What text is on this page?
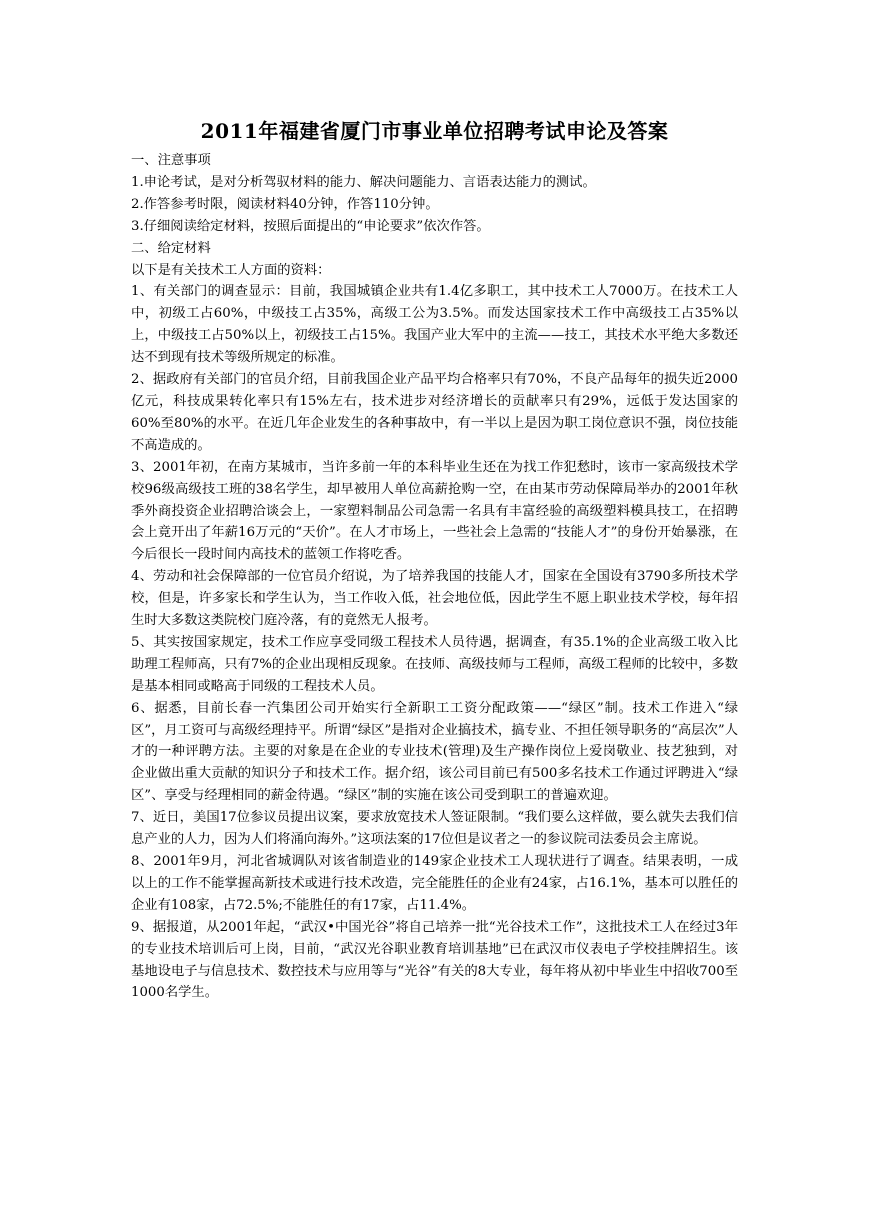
2011年福建省厦门市事业单位招聘考试申论及答案

一、注意事项

1.申论考试，是对分析驾驭材料的能力、解决问题能力、言语表达能力的测试。

2.作答参考时限，阅读材料40分钟，作答110分钟。

3.仔细阅读给定材料，按照后面提出的“申论要求”依次作答。

二、给定材料

以下是有关技术工人方面的资料：

1、有关部门的调查显示：目前，我国城镇企业共有1.4亿多职工，其中技术工人7000万。在技术工人中，初级工占60%，中级技工占35%，高级工公为3.5%。而发达国家技术工作中高级技工占35%以上，中级技工占50%以上，初级技工占15%。我国产业大军中的主流——技工，其技术水平绝大多数还达不到现有技术等级所规定的标准。

2、据政府有关部门的官员介绍，目前我国企业产品平均合格率只有70%，不良产品每年的损失近2000亿元，科技成果转化率只有15%左右，技术进步对经济增长的贡献率只有29%，远低于发达国家的60%至80%的水平。在近几年企业发生的各种事故中，有一半以上是因为职工岗位意识不强，岗位技能不高造成的。

3、2001年初，在南方某城市，当许多前一年的本科毕业生还在为找工作犯愁时，该市一家高级技术学校96级高级技工班的38名学生，却早被用人单位高薪抢购一空，在由某市劳动保障局举办的2001年秋季外商投资企业招聘洽谈会上，一家塑料制品公司急需一名具有丰富经验的高级塑料模具技工，在招聘会上竟开出了年薪16万元的“天价”。在人才市场上，一些社会上急需的“技能人才”的身份开始暴涨，在今后很长一段时间内高技术的蓝领工作将吃香。

4、劳动和社会保障部的一位官员介绍说，为了培养我国的技能人才，国家在全国设有3790多所技术学校，但是，许多家长和学生认为，当工作收入低，社会地位低，因此学生不愿上职业技术学校，每年招生时大多数这类院校门庭冷落，有的竟然无人报考。

5、其实按国家规定，技术工作应享受同级工程技术人员待遇，据调查，有35.1%的企业高级工收入比助理工程师高，只有7%的企业出现相反现象。在技师、高级技师与工程师，高级工程师的比较中，多数是基本相同或略高于同级的工程技术人员。

6、据悉，目前长春一汽集团公司开始实行全新职工工资分配政策——“绿区”制。技术工作进入“绿区”，月工资可与高级经理持平。所谓“绿区”是指对企业搞技术，搞专业、不担任领导职务的“高层次”人才的一种评聘方法。主要的对象是在企业的专业技术(管理)及生产操作岗位上爱岗敬业、技艺独到，对企业做出重大贡献的知识分子和技术工作。据介绍，该公司目前已有500多名技术工作通过评聘进入“绿区”、享受与经理相同的薪金待遇。“绿区”制的实施在该公司受到职工的普遍欢迎。

7、近日，美国17位参议员提出议案，要求放宽技术人签证限制。“我们要么这样做，要么就失去我们信息产业的人力，因为人们将涌向海外。”这项法案的17位但是议者之一的参议院司法委员会主席说。

8、2001年9月，河北省城调队对该省制造业的149家企业技术工人现状进行了调查。结果表明，一成以上的工作不能掌握高新技术或进行技术改造，完全能胜任的企业有24家，占16.1%，基本可以胜任的企业有108家，占72.5%;不能胜任的有17家，占11.4%。

9、据报道，从2001年起，“武汉•中国光谷”将自己培养一批“光谷技术工作”，这批技术工人在经过3年的专业技术培训后可上岗，目前，“武汉光谷职业教育培训基地”已在武汉市仪表电子学校挂牌招生。该基地设电子与信息技术、数控技术与应用等与“光谷”有关的8大专业，每年将从初中毕业生中招收700至1000名学生。
